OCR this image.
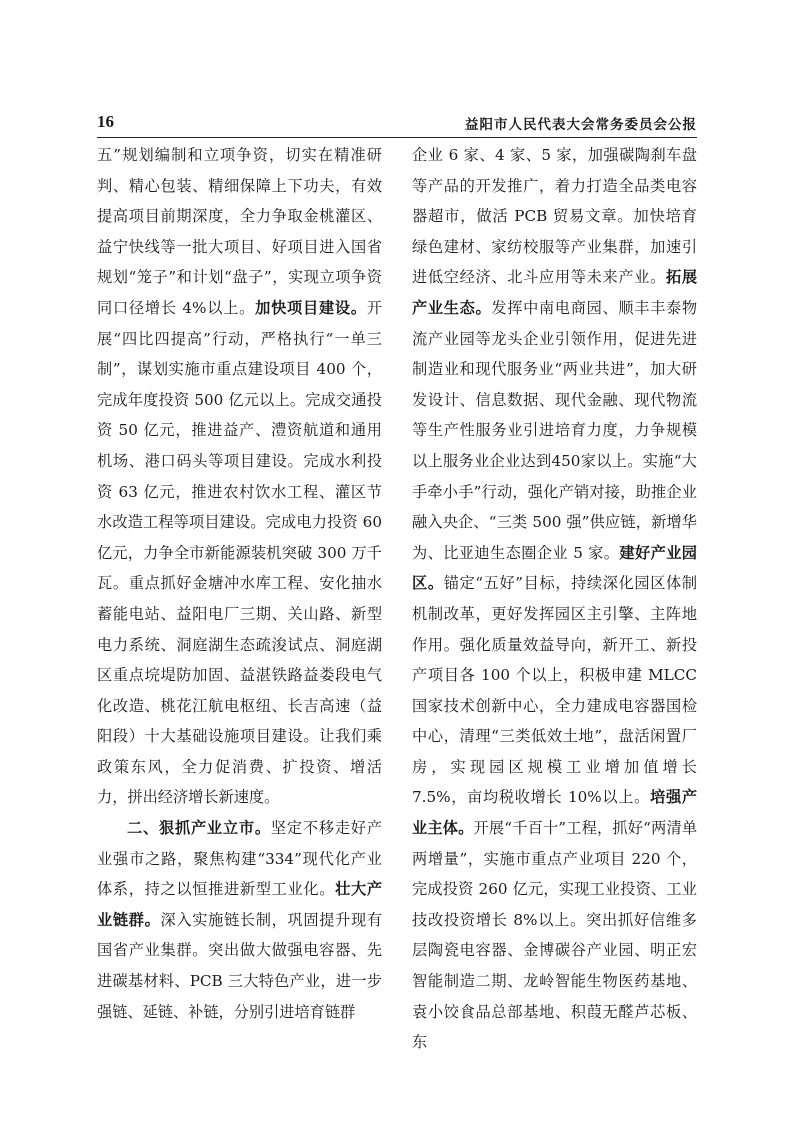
16	益阳市人民代表大会常务委员会公报

五”规划编制和立项争资，切实在精准研判、精心包装、精细保障上下功夫，有效提高项目前期深度，全力争取金桃灌区、益宁快线等一批大项目、好项目进入国省规划“笼子”和计划“盘子”，实现立项争资同口径增长 4%以上。加快项目建设。开展“四比四提高”行动，严格执行“一单三制”，谋划实施市重点建设项目 400 个，完成年度投资 500 亿元以上。完成交通投资 50 亿元，推进益产、澧资航道和通用机场、港口码头等项目建设。完成水利投资 63 亿元，推进农村饮水工程、灌区节水改造工程等项目建设。完成电力投资 60 亿元，力争全市新能源装机突破 300 万千瓦。重点抓好金塘冲水库工程、安化抽水蓄能电站、益阳电厂三期、关山路、新型电力系统、洞庭湖生态疏浚试点、洞庭湖区重点垸堤防加固、益湛铁路益娄段电气化改造、桃花江航电枢纽、长吉高速（益阳段）十大基础设施项目建设。让我们乘政策东风，全力促消费、扩投资、增活力，拼出经济增长新速度。

二、狠抓产业立市。坚定不移走好产业强市之路，聚焦构建“334”现代化产业体系，持之以恒推进新型工业化。壮大产业链群。深入实施链长制，巩固提升现有国省产业集群。突出做大做强电容器、先进碳基材料、PCB 三大特色产业，进一步强链、延链、补链，分别引进培育链群

企业 6 家、4 家、5 家，加强碳陶刹车盘等产品的开发推广，着力打造全品类电容器超市，做活 PCB 贸易文章。加快培育绿色建材、家纺校服等产业集群，加速引进低空经济、北斗应用等未来产业。拓展产业生态。发挥中南电商园、顺丰丰泰物流产业园等龙头企业引领作用，促进先进制造业和现代服务业“两业共进”，加大研发设计、信息数据、现代金融、现代物流等生产性服务业引进培育力度，力争规模以上服务业企业达到450家以上。实施“大手牵小手”行动，强化产销对接，助推企业融入央企、“三类 500 强”供应链，新增华为、比亚迪生态圈企业 5 家。建好产业园区。锚定“五好”目标，持续深化园区体制机制改革，更好发挥园区主引擎、主阵地作用。强化质量效益导向，新开工、新投产项目各 100 个以上，积极申建 MLCC 国家技术创新中心，全力建成电容器国检中心，清理“三类低效土地”，盘活闲置厂房，实现园区规模工业增加值增长 7.5%，亩均税收增长 10%以上。培强产业主体。开展“千百十”工程，抓好“两清单两增量”，实施市重点产业项目 220 个，完成投资 260 亿元，实现工业投资、工业技改投资增长 8%以上。突出抓好信维多层陶瓷电容器、金博碳谷产业园、明正宏智能制造二期、龙岭智能生物医药基地、袁小饺食品总部基地、积葭无醛芦芯板、东
